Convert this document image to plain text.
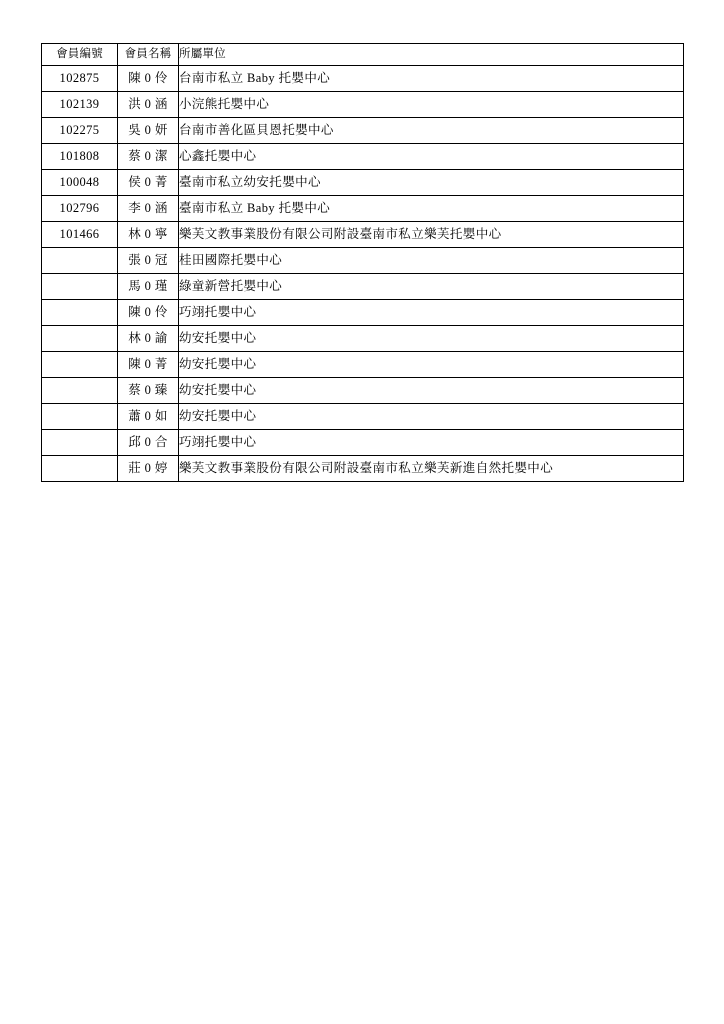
會員編號	會員名稱	所屬單位
102875	陳 0 伶	台南市私立 Baby 托嬰中心
102139	洪 0 涵	小浣熊托嬰中心
102275	吳 0 妍	台南市善化區貝恩托嬰中心
101808	蔡 0 潔	心鑫托嬰中心
100048	侯 0 菁	臺南市私立幼安托嬰中心
102796	李 0 涵	臺南市私立 Baby 托嬰中心
101466	林 0 寧	樂芙文教事業股份有限公司附設臺南市私立樂芙托嬰中心
	張 0 冠	桂田國際托嬰中心
	馬 0 瑾	綠童新營托嬰中心
	陳 0 伶	巧翊托嬰中心
	林 0 諭	幼安托嬰中心
	陳 0 菁	幼安托嬰中心
	蔡 0 臻	幼安托嬰中心
	蕭 0 如	幼安托嬰中心
	邱 0 合	巧翊托嬰中心
	莊 0 婷	樂芙文教事業股份有限公司附設臺南市私立樂芙新進自然托嬰中心
